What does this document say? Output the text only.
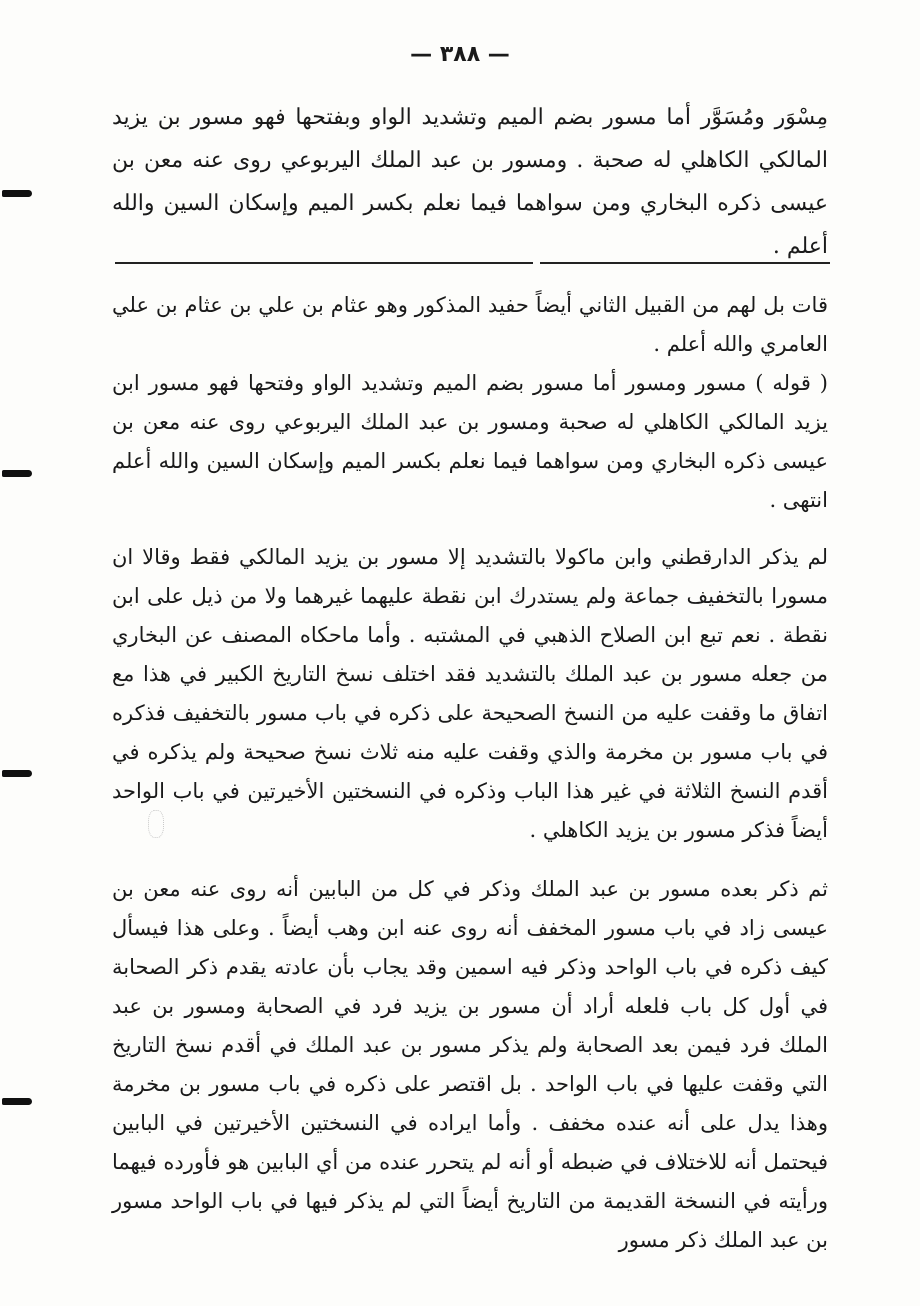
— ٣٨٨ —

مِسْوَر ومُسَوَّر أما مسور بضم الميم وتشديد الواو وبفتحها فهو مسور بن يزيد المالكي الكاهلي له صحبة . ومسور بن عبد الملك اليربوعي روى عنه معن بن عيسى ذكره البخاري ومن سواهما فيما نعلم بكسر الميم وإسكان السين والله أعلم .

قات بل لهم من القبيل الثاني أيضاً حفيد المذكور وهو عثام بن علي بن عثام بن علي العامري والله أعلم .

( قوله ) مسور ومسور أما مسور بضم الميم وتشديد الواو وفتحها فهو مسور ابن يزيد المالكي الكاهلي له صحبة ومسور بن عبد الملك اليربوعي روى عنه معن بن عيسى ذكره البخاري ومن سواهما فيما نعلم بكسر الميم وإسكان السين والله أعلم انتهى .

لم يذكر الدارقطني وابن ماكولا بالتشديد إلا مسور بن يزيد المالكي فقط وقالا ان مسورا بالتخفيف جماعة ولم يستدرك ابن نقطة عليهما غيرهما ولا من ذيل على ابن نقطة . نعم تبع ابن الصلاح الذهبي في المشتبه . وأما ماحكاه المصنف عن البخاري من جعله مسور بن عبد الملك بالتشديد فقد اختلف نسخ التاريخ الكبير في هذا مع اتفاق ما وقفت عليه من النسخ الصحيحة على ذكره في باب مسور بالتخفيف فذكره في باب مسور بن مخرمة والذي وقفت عليه منه ثلاث نسخ صحيحة ولم يذكره في أقدم النسخ الثلاثة في غير هذا الباب وذكره في النسختين الأخيرتين في باب الواحد أيضاً فذكر مسور بن يزيد الكاهلي .

ثم ذكر بعده مسور بن عبد الملك وذكر في كل من البابين أنه روى عنه معن بن عيسى زاد في باب مسور المخفف أنه روى عنه ابن وهب أيضاً . وعلى هذا فيسأل كيف ذكره في باب الواحد وذكر فيه اسمين وقد يجاب بأن عادته يقدم ذكر الصحابة في أول كل باب فلعله أراد أن مسور بن يزيد فرد في الصحابة ومسور بن عبد الملك فرد فيمن بعد الصحابة ولم يذكر مسور بن عبد الملك في أقدم نسخ التاريخ التي وقفت عليها في باب الواحد . بل اقتصر على ذكره في باب مسور بن مخرمة وهذا يدل على أنه عنده مخفف . وأما ايراده في النسختين الأخيرتين في البابين فيحتمل أنه للاختلاف في ضبطه أو أنه لم يتحرر عنده من أي البابين هو فأورده فيهما ورأيته في النسخة القديمة من التاريخ أيضاً التي لم يذكر فيها في باب الواحد مسور بن عبد الملك ذكر مسور
